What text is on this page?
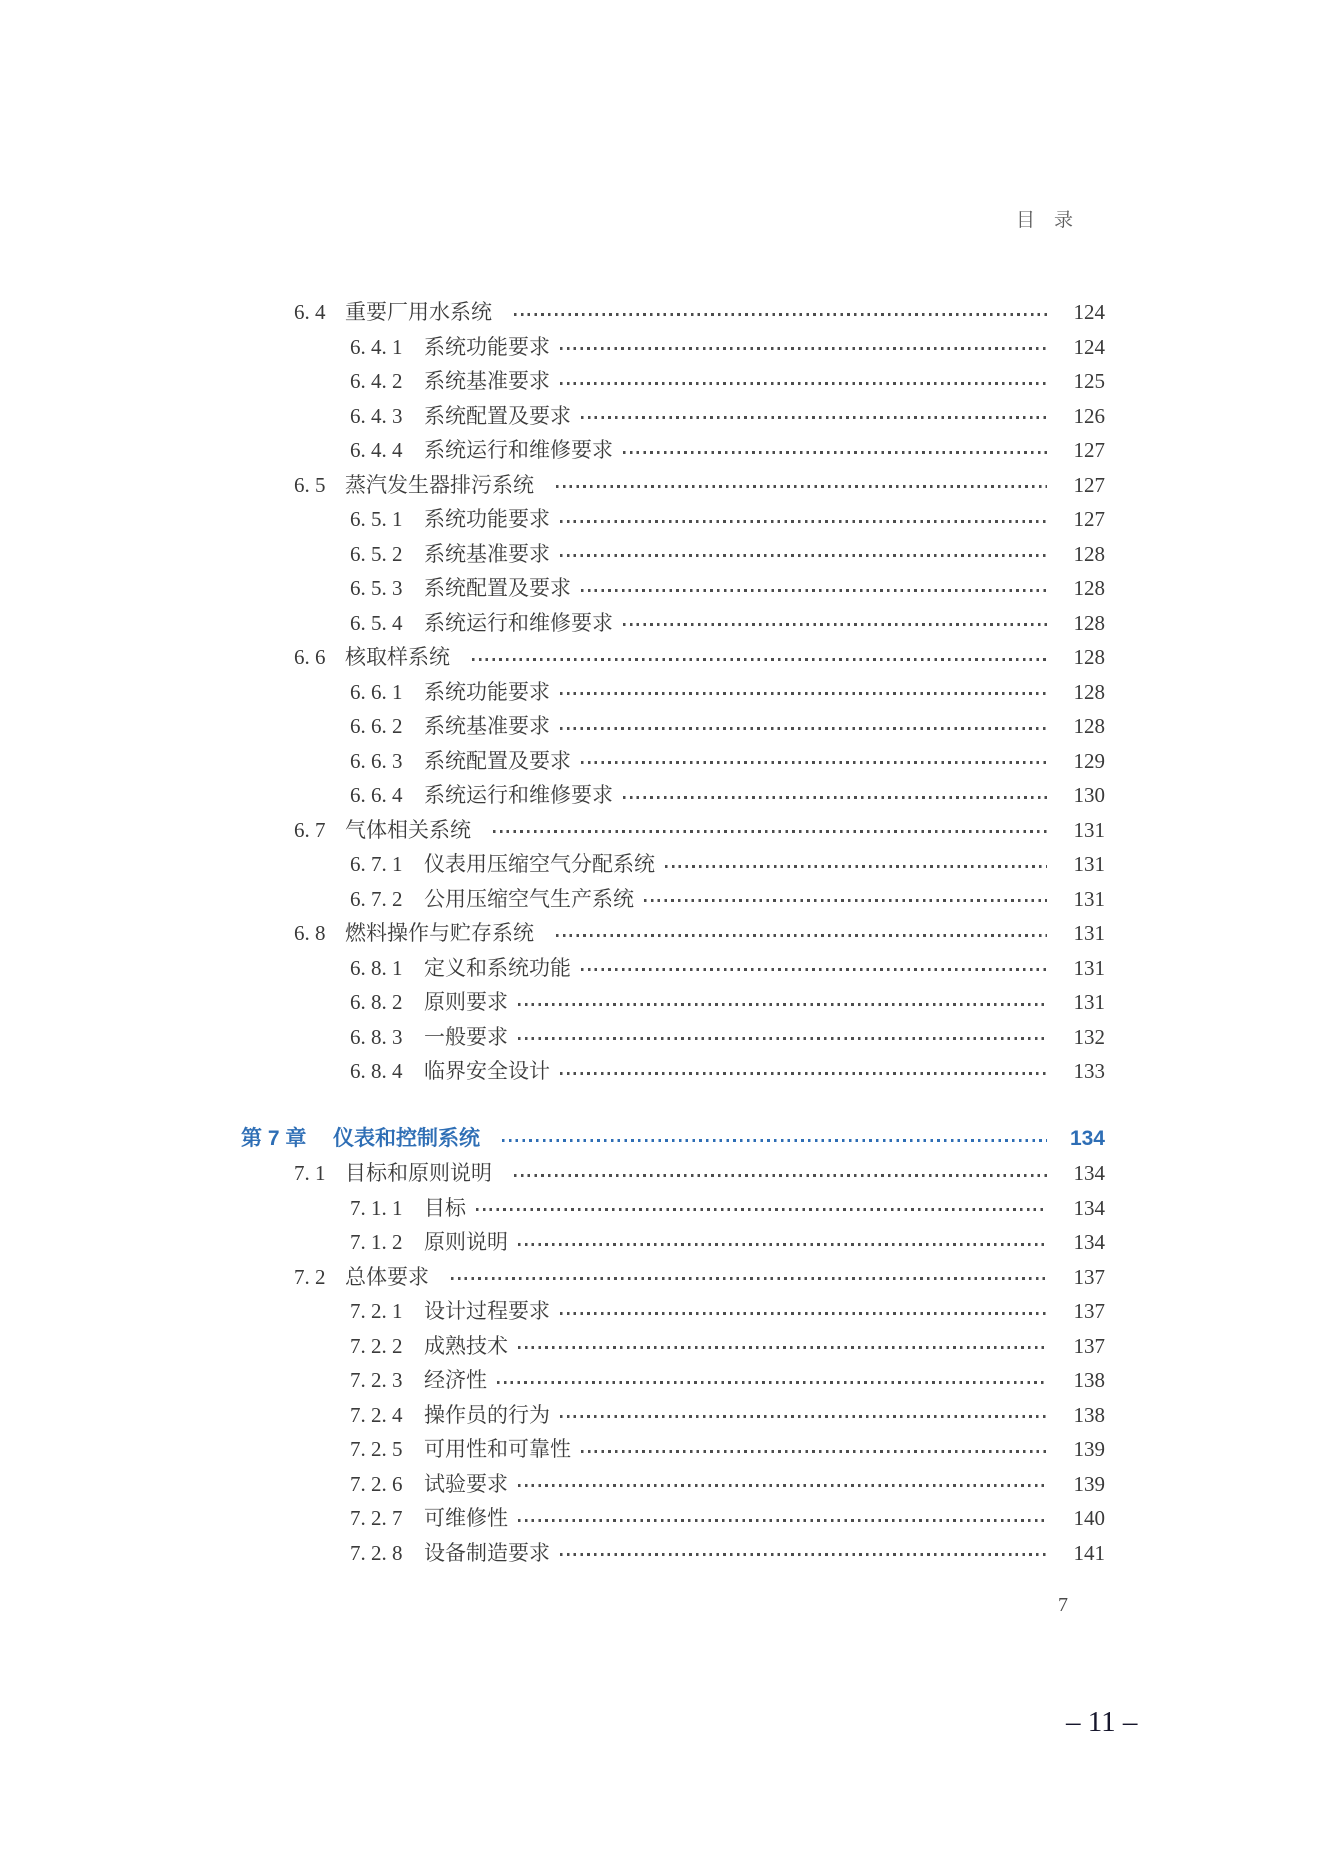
目　录
6. 4 重要厂用水系统	124
6. 4. 1	系统功能要求	124
6. 4. 2	系统基准要求	125
6. 4. 3	系统配置及要求	126
6. 4. 4	系统运行和维修要求	127
6. 5 蒸汽发生器排污系统	127
6. 5. 1	系统功能要求	127
6. 5. 2	系统基准要求	128
6. 5. 3	系统配置及要求	128
6. 5. 4	系统运行和维修要求	128
6. 6 核取样系统	128
6. 6. 1	系统功能要求	128
6. 6. 2	系统基准要求	128
6. 6. 3	系统配置及要求	129
6. 6. 4	系统运行和维修要求	130
6. 7 气体相关系统	131
6. 7. 1	仪表用压缩空气分配系统	131
6. 7. 2	公用压缩空气生产系统	131
6. 8 燃料操作与贮存系统	131
6. 8. 1	定义和系统功能	131
6. 8. 2	原则要求	131
6. 8. 3	一般要求	132
6. 8. 4	临界安全设计	133
第 7 章	仪表和控制系统	134
7. 1 目标和原则说明	134
7. 1. 1	目标	134
7. 1. 2	原则说明	134
7. 2 总体要求	137
7. 2. 1	设计过程要求	137
7. 2. 2	成熟技术	137
7. 2. 3	经济性	138
7. 2. 4	操作员的行为	138
7. 2. 5	可用性和可靠性	139
7. 2. 6	试验要求	139
7. 2. 7	可维修性	140
7. 2. 8	设备制造要求	141
7
– 11 –
